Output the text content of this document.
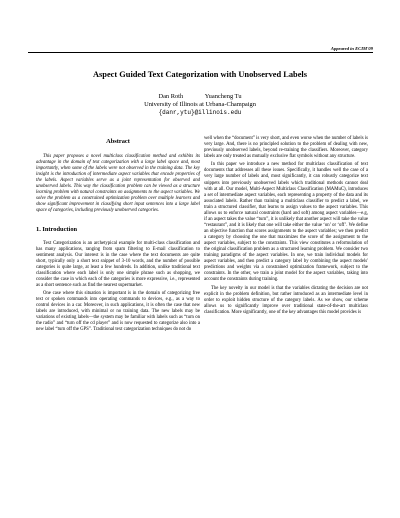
Appeared in ECIM'09
Aspect Guided Text Categorization with Unobserved Labels
Dan Roth	Yuancheng Tu
University of Illinois at Urbana-Champaign
{danr,ytu}@illinois.edu
Abstract

This paper proposes a novel multiclass classification method and exhibits its advantage in the domain of text categorization with a large label space and, most importantly, when some of the labels were not observed in the training data. The key insight is the introduction of intermediate aspect variables that encode properties of the labels. Aspect variables serve as a joint representation for observed and unobserved labels. This way the classification problem can be viewed as a structure learning problem with natural constraints on assignments to the aspect variables. We solve the problem as a constrained optimization problem over multiple learners and show significant improvement in classifying short input sentences into a large label space of categories, including previously unobserved categories.

1. Introduction

Text Categorization is an archetypical example for multi-class classification and has many applications, ranging from spam filtering to E-mail classification to sentiment analysis. Our interest is in the case where the text documents are quite short, typically only a short text snippet of 3-10 words, and the number of possible categories is quite large, at least a few hundreds. In addition, unlike traditional text classification where each label is only one simple phrase such as shopping, we consider the case in which each of the categories is more expressive, i.e., represented as a short sentence such as find the nearest supermarket.

One case where this situation is important is in the domain of categorizing free text or spoken commands into operating commands to devices, e.g., as a way to control devices in a car. Moreover, in such applications, it is often the case that new labels are introduced, with minimal or no training data. The new labels may be variations of existing labels—the system may be familiar with labels such as “turn on the radio” and “turn off the cd player” and is now requested to categorize also into a new label “turn off the GPS”. Traditional text categorization techniques do not do

well when the “document” is very short, and even worse when the number of labels is very large. And, there is no principled solution to the problem of dealing with new, previously unobserved labels, beyond re-training the classifiers. Moreover, category labels are only treated as mutually exclusive flat symbols without any structure.

In this paper we introduce a new method for multiclass classification of text documents that addresses all these issues. Specifically, it handles well the case of a very large number of labels and, most significantly, it can robustly categorize text snippets into previously unobserved labels which traditional methods cannot deal with at all. Our model, Multi-Aspect Multiclass Classification (MAMuC), introduces a set of intermediate aspect variables, each representing a property of the data and its associated labels. Rather than training a multiclass classifier to predict a label, we train a structured classifier, that learns to assign values to the aspect variables. This allows us to enforce natural constraints (hard and soft) among aspect variables—e.g, if an aspect takes the value “turn”, it is unlikely that another aspect will take the value “restaurant”, and it is likely that one will take either the value ‘on’ or ‘off’. We define an objective function that scores assignments to the aspect variables; we then predict a category by choosing the one that maximizes the score of the assignment to the aspect variables, subject to the constraints. This view constitutes a reformulation of the original classification problem as a structured learning problem. We consider two training paradigms of the aspect variables. In one, we train individual models for aspect variables, and then predict a category label by combining the aspect models' predictions and weights via a constrained optimization framework, subject to the constraints. In the other, we train a joint model for the aspect variables, taking into account the constraints during training.

The key novelty in our model is that the variables dictating the decision are not explicit in the problem definition, but rather introduced as an intermediate level in order to exploit hidden structure of the category labels. As we show, our scheme allows us to significantly improve over traditional state-of-the-art multiclass classification. More significantly, one of the key advantages this model provides is
